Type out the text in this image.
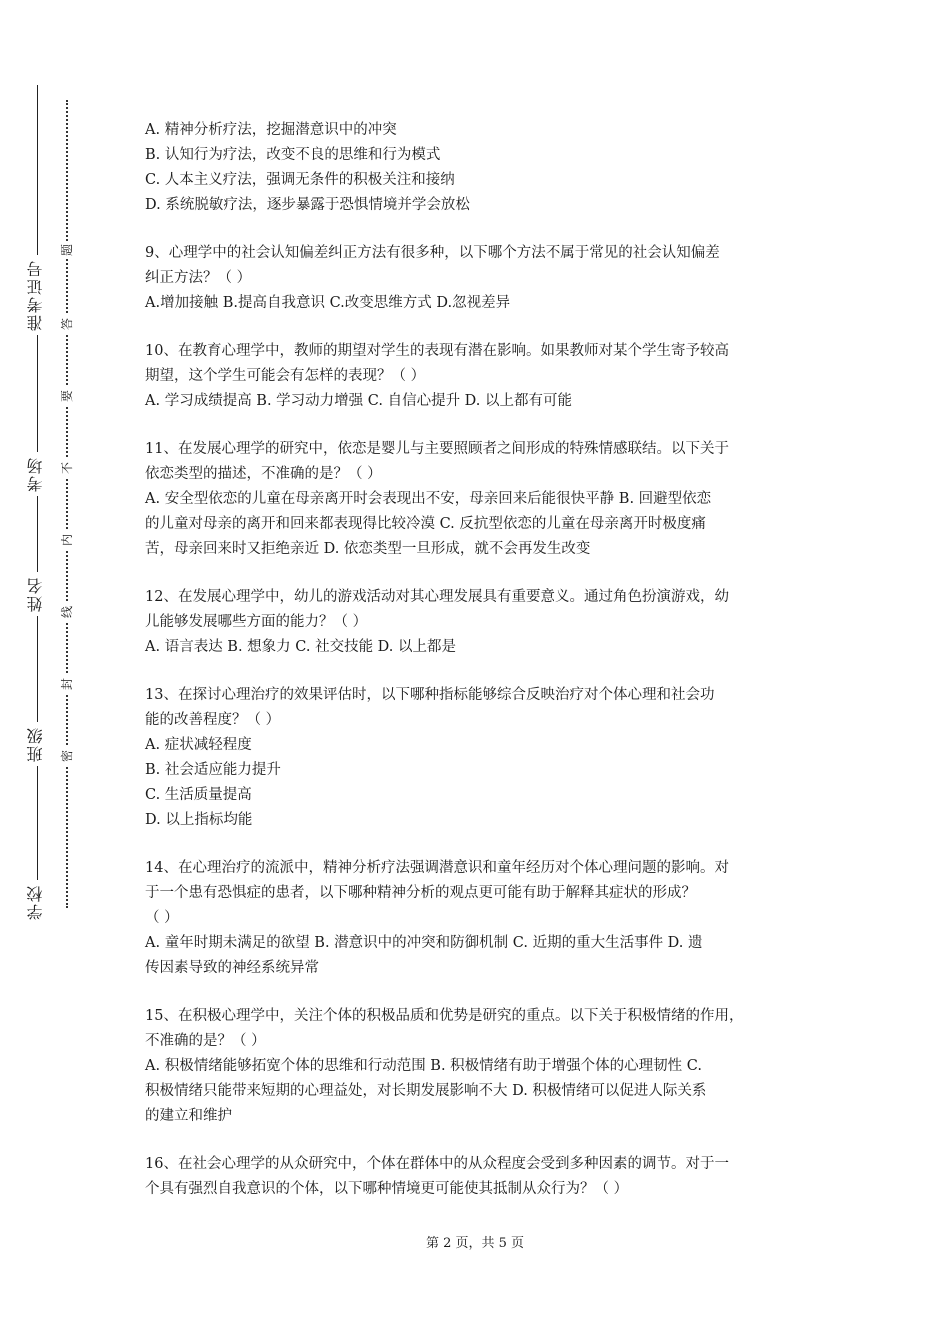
准考证号
考场
姓名
班级
学校
题
答
要
不
内
线
封
密
A. 精神分析疗法，挖掘潜意识中的冲突
B. 认知行为疗法，改变不良的思维和行为模式
C. 人本主义疗法，强调无条件的积极关注和接纳
D. 系统脱敏疗法，逐步暴露于恐惧情境并学会放松
9、心理学中的社会认知偏差纠正方法有很多种，以下哪个方法不属于常见的社会认知偏差
纠正方法？（ ）
A.增加接触 B.提高自我意识 C.改变思维方式 D.忽视差异
10、在教育心理学中，教师的期望对学生的表现有潜在影响。如果教师对某个学生寄予较高
期望，这个学生可能会有怎样的表现？（ ）
A. 学习成绩提高 B. 学习动力增强 C. 自信心提升 D. 以上都有可能
11、在发展心理学的研究中，依恋是婴儿与主要照顾者之间形成的特殊情感联结。以下关于
依恋类型的描述，不准确的是？（ ）
A. 安全型依恋的儿童在母亲离开时会表现出不安，母亲回来后能很快平静 B. 回避型依恋
的儿童对母亲的离开和回来都表现得比较冷漠 C. 反抗型依恋的儿童在母亲离开时极度痛
苦，母亲回来时又拒绝亲近 D. 依恋类型一旦形成，就不会再发生改变
12、在发展心理学中，幼儿的游戏活动对其心理发展具有重要意义。通过角色扮演游戏，幼
儿能够发展哪些方面的能力？（ ）
A. 语言表达 B. 想象力 C. 社交技能 D. 以上都是
13、在探讨心理治疗的效果评估时，以下哪种指标能够综合反映治疗对个体心理和社会功
能的改善程度？（ ）
A. 症状减轻程度
B. 社会适应能力提升
C. 生活质量提高
D. 以上指标均能
14、在心理治疗的流派中，精神分析疗法强调潜意识和童年经历对个体心理问题的影响。对
于一个患有恐惧症的患者，以下哪种精神分析的观点更可能有助于解释其症状的形成？
（ ）
A. 童年时期未满足的欲望 B. 潜意识中的冲突和防御机制 C. 近期的重大生活事件 D. 遗
传因素导致的神经系统异常
15、在积极心理学中，关注个体的积极品质和优势是研究的重点。以下关于积极情绪的作用，
不准确的是？（ ）
A. 积极情绪能够拓宽个体的思维和行动范围 B. 积极情绪有助于增强个体的心理韧性 C.
积极情绪只能带来短期的心理益处，对长期发展影响不大 D. 积极情绪可以促进人际关系
的建立和维护
16、在社会心理学的从众研究中，个体在群体中的从众程度会受到多种因素的调节。对于一
个具有强烈自我意识的个体，以下哪种情境更可能使其抵制从众行为？（ ）
第 2 页，共 5 页
